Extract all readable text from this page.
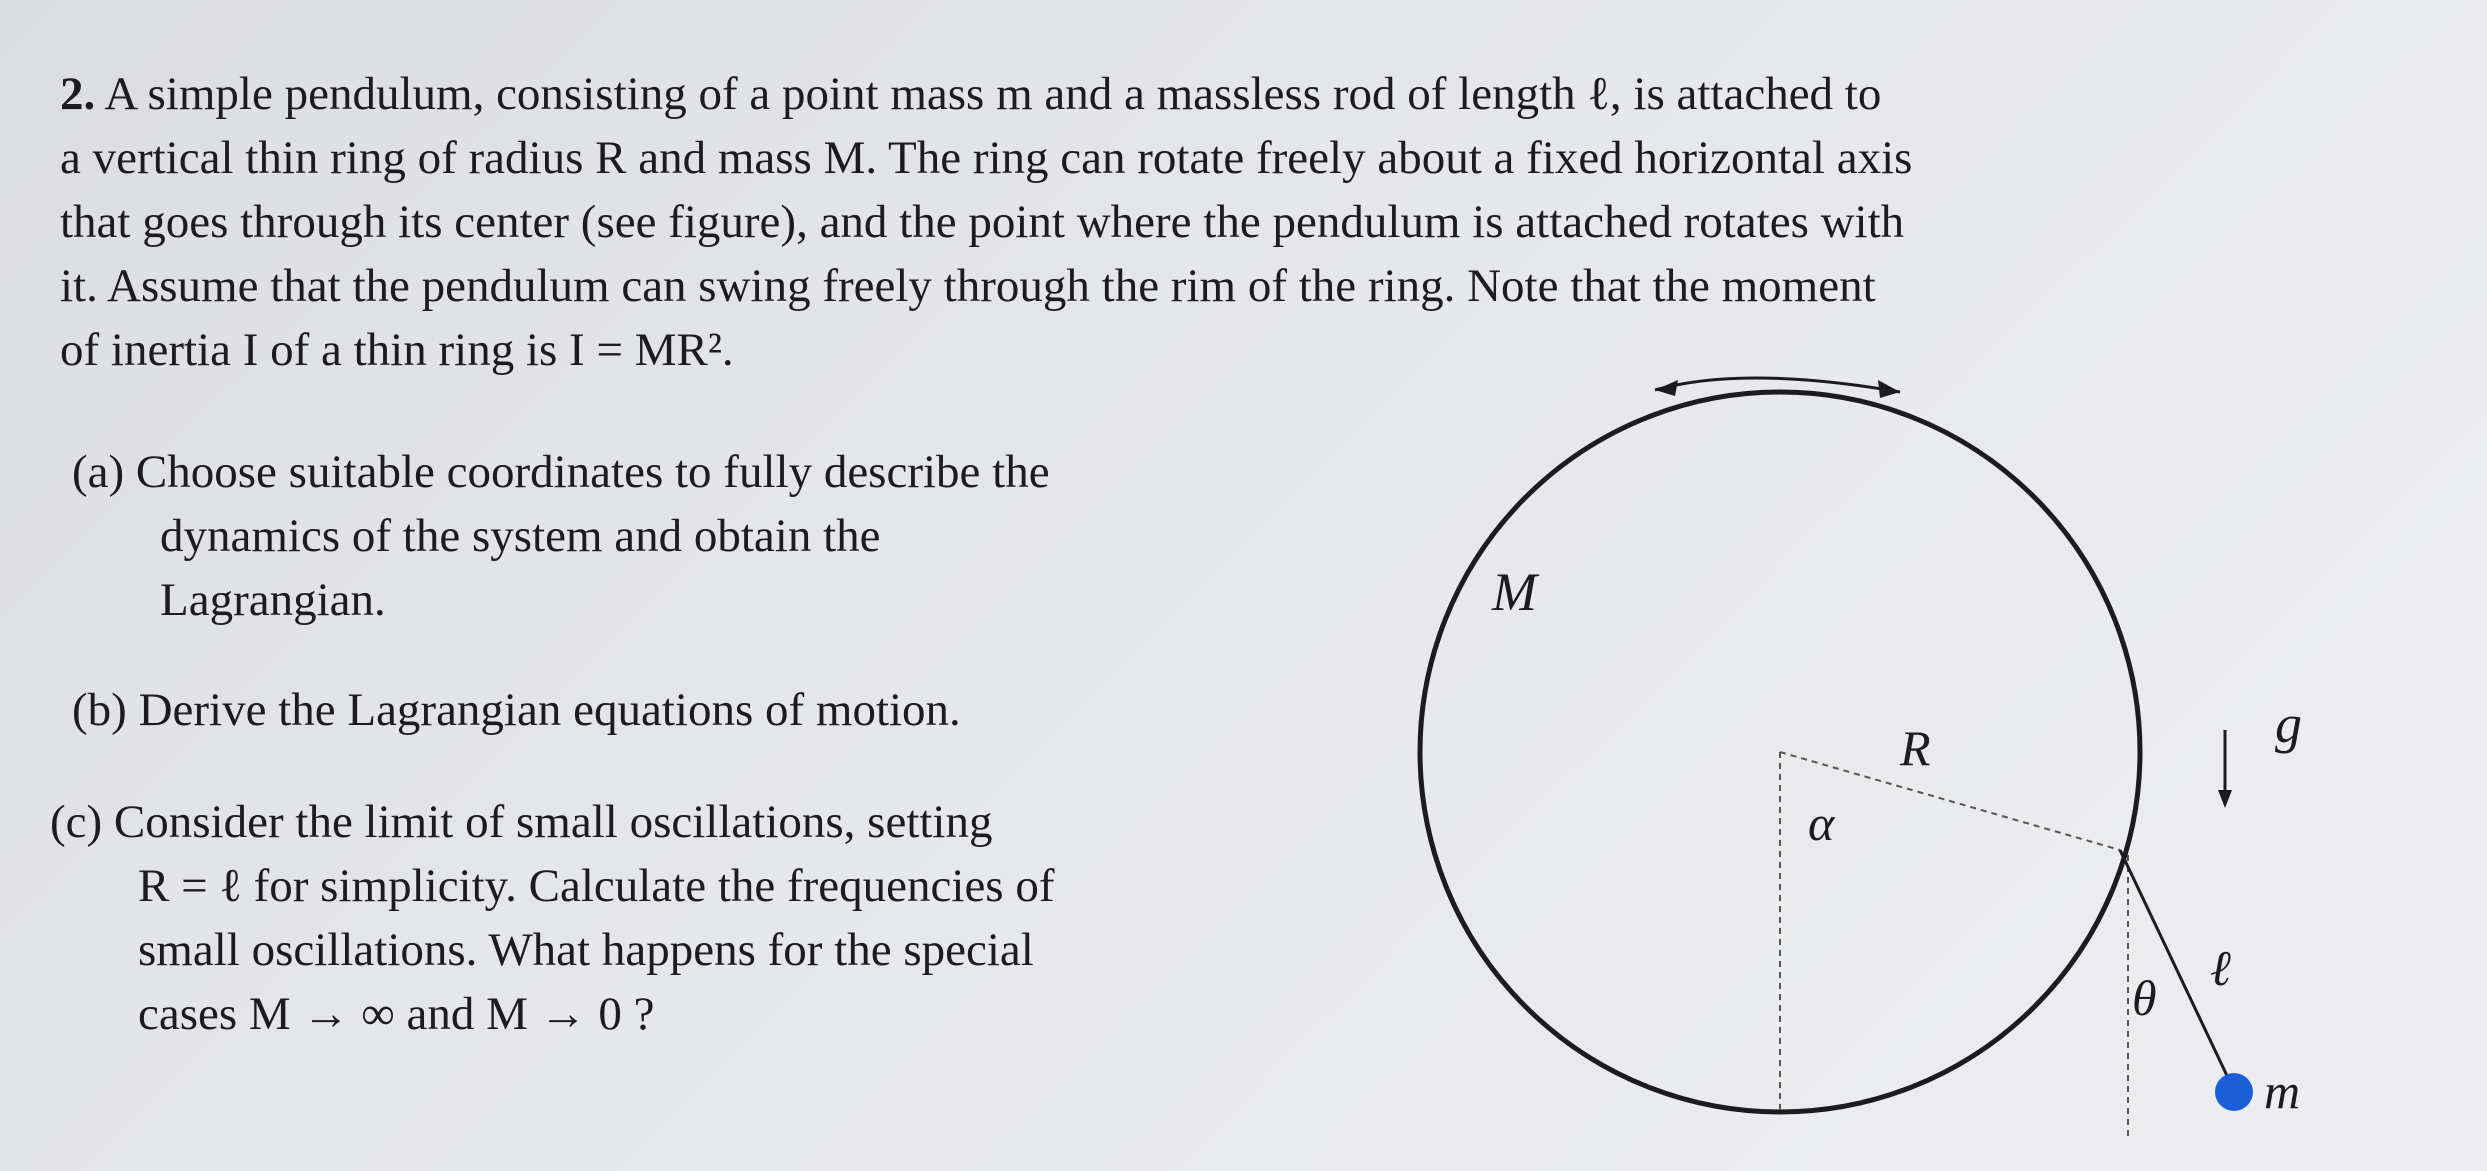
2. A simple pendulum, consisting of a point mass m and a massless rod of length ℓ, is attached to
a vertical thin ring of radius R and mass M. The ring can rotate freely about a fixed horizontal axis
that goes through its center (see figure), and the point where the pendulum is attached rotates with
it. Assume that the pendulum can swing freely through the rim of the ring. Note that the moment
of inertia I of a thin ring is I = MR².

(a) Choose suitable coordinates to fully describe the
dynamics of the system and obtain the
Lagrangian.

(b) Derive the Lagrangian equations of motion.

(c) Consider the limit of small oscillations, setting
R = ℓ for simplicity. Calculate the frequencies of
small oscillations. What happens for the special
cases M → ∞ and M → 0 ?

M
R
α
θ
ℓ
g
m
